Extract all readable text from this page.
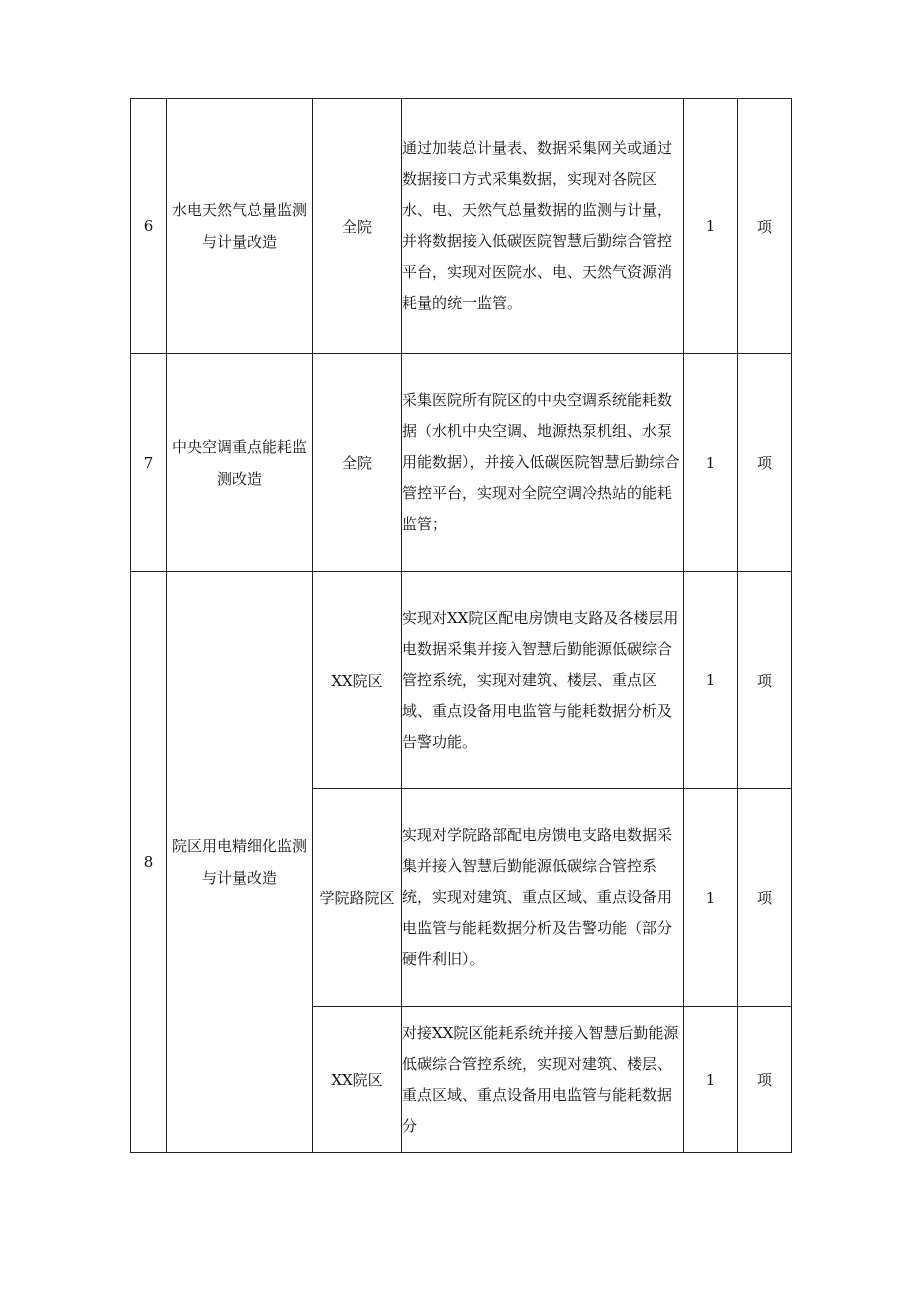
6	水电天然气总量监测与计量改造	全院	通过加装总计量表、数据采集网关或通过数据接口方式采集数据，实现对各院区水、电、天然气总量数据的监测与计量，并将数据接入低碳医院智慧后勤综合管控平台，实现对医院水、电、天然气资源消耗量的统一监管。	1	项
7	中央空调重点能耗监测改造	全院	采集医院所有院区的中央空调系统能耗数据（水机中央空调、地源热泵机组、水泵用能数据），并接入低碳医院智慧后勤综合管控平台，实现对全院空调冷热站的能耗监管；	1	项
8	院区用电精细化监测与计量改造	XX院区	实现对XX院区配电房馈电支路及各楼层用电数据采集并接入智慧后勤能源低碳综合管控系统，实现对建筑、楼层、重点区域、重点设备用电监管与能耗数据分析及告警功能。	1	项
		学院路院区	实现对学院路部配电房馈电支路电数据采集并接入智慧后勤能源低碳综合管控系统，实现对建筑、重点区域、重点设备用电监管与能耗数据分析及告警功能（部分硬件利旧）。	1	项
		XX院区	对接XX院区能耗系统并接入智慧后勤能源低碳综合管控系统，实现对建筑、楼层、重点区域、重点设备用电监管与能耗数据分	1	项
